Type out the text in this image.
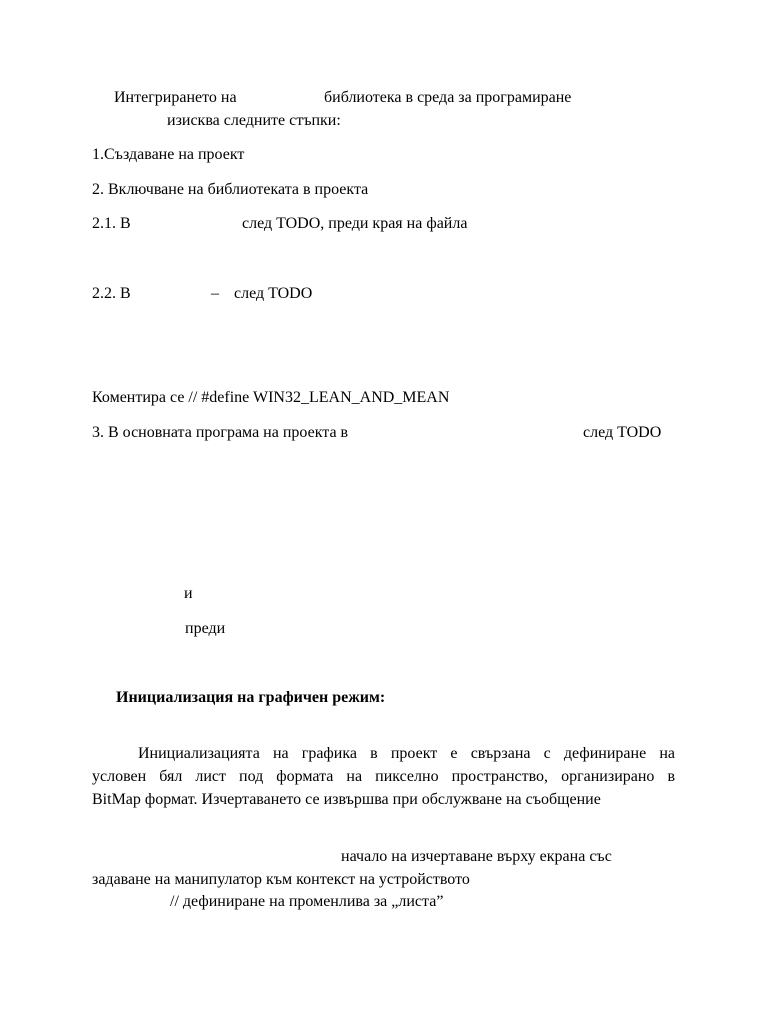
Интегрирането на	библиотека в среда за програмиране
изисква следните стъпки:
1.Създаване на проект
2. Включване на библиотеката в проекта
2.1. В	след TODO, преди края на файла
2.2. В	– след TODO
Коментира се // #define WIN32_LEAN_AND_MEAN
3. В основната програма на проекта в	след TODO
и
преди
Инициализация на графичен режим:
Инициализацията на графика в проект е свързана с дефиниране на
условен бял лист под формата на пикселно пространство, организирано в
BitMap формат. Изчертаването се извършва при обслужване на съобщение
начало на изчертаване върху екрана със
задаване на манипулатор към контекст на устройството
// дефиниране на променлива за „листа”
